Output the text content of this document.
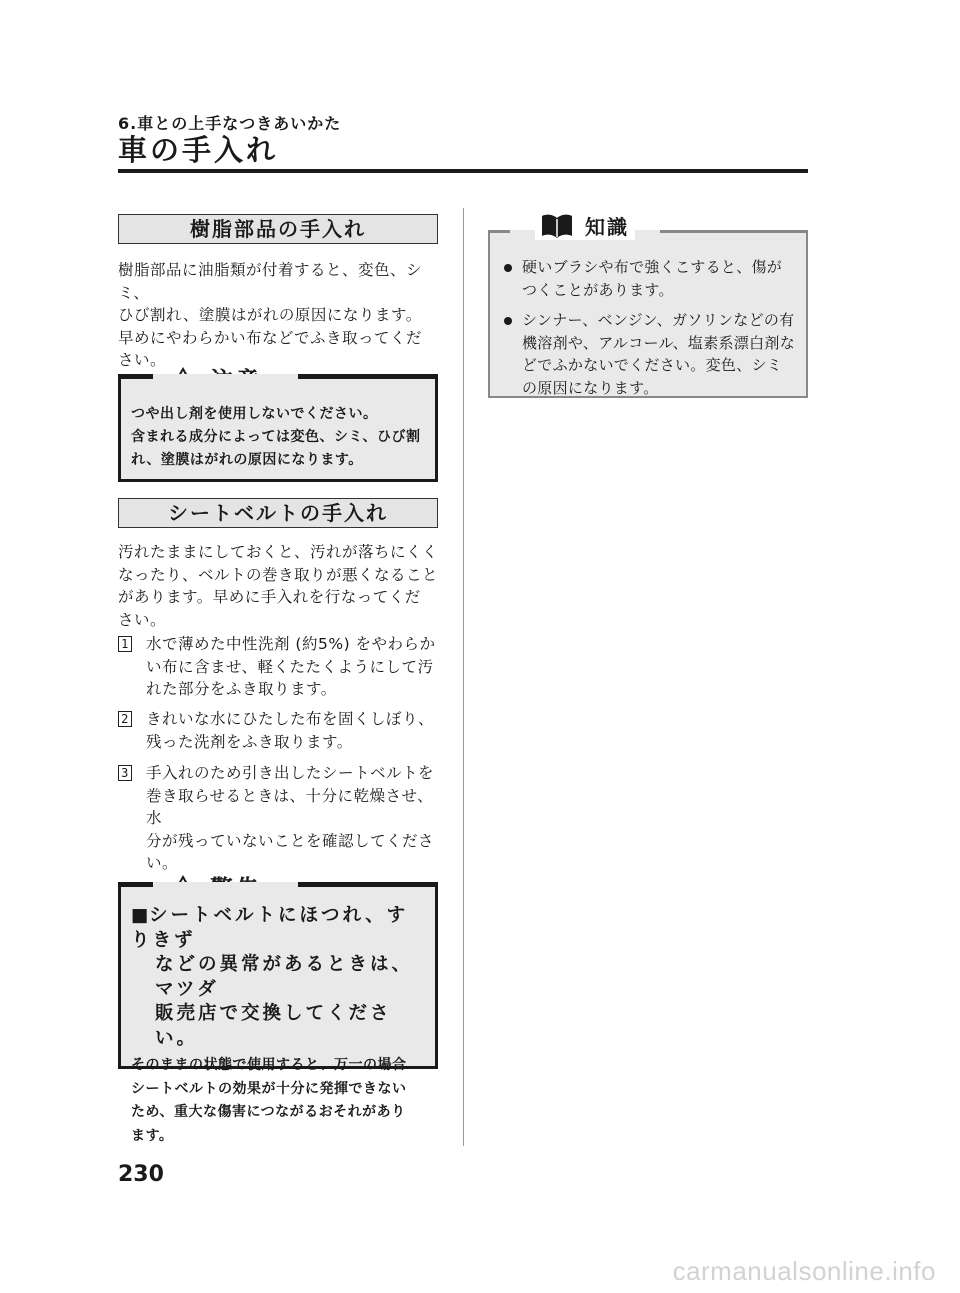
6.車との上手なつきあいかた
車の手入れ
樹脂部品の手入れ

樹脂部品に油脂類が付着すると、変色、シミ、
ひび割れ、塗膜はがれの原因になります。
早めにやわらかい布などでふき取ってくだ
さい。

つや出し剤を使用しないでください。
含まれる成分によっては変色、シミ、ひび割
れ、塗膜はがれの原因になります。
シートベルトの手入れ

汚れたままにしておくと、汚れが落ちにくく
なったり、ベルトの巻き取りが悪くなること
があります。早めに手入れを行なってくだ
さい。

1 水で薄めた中性洗剤 (約5%) をやわらか
い布に含ませ、軽くたたくようにして汚
れた部分をふき取ります。
2 きれいな水にひたした布を固くしぼり、
残った洗剤をふき取ります。
3 手入れのため引き出したシートベルトを
巻き取らせるときは、十分に乾燥させ、水
分が残っていないことを確認してくださ
い。
■シートベルトにほつれ、すりきず
などの異常があるときは、マツダ
販売店で交換してください。
そのままの状態で使用すると、万一の場合
シートベルトの効果が十分に発揮できない
ため、重大な傷害につながるおそれがあり
ます。
硬いブラシや布で強くこすると、傷が
つくことがあります。
シンナー、ベンジン、ガソリンなどの有
機溶剤や、アルコール、塩素系漂白剤な
どでふかないでください。変色、シミ
の原因になります。
知識
230
carmanualsonline.info
